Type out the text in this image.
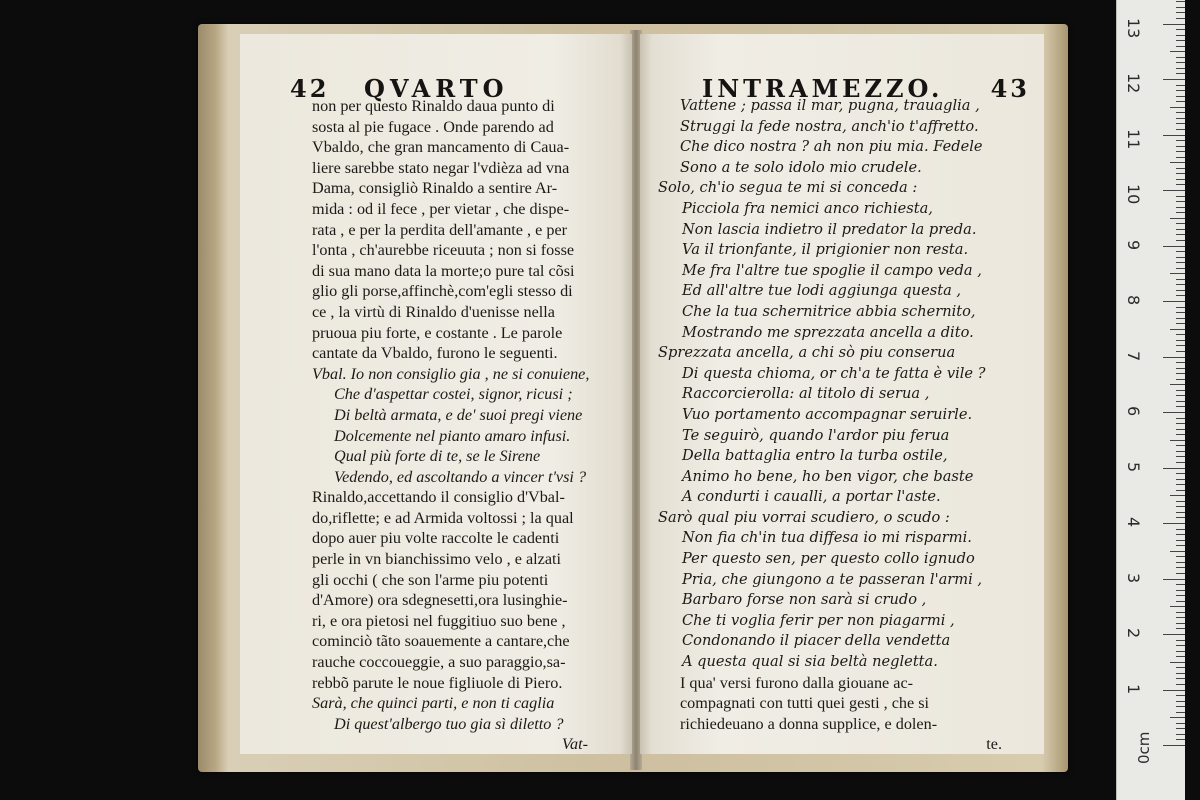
42 QVARTO
non per questo Rinaldo daua punto di
sosta al pie fugace . Onde parendo ad
Vbaldo, che gran mancamento di Caua-
liere sarebbe stato negar l'vdièza ad vna
Dama, consigliò Rinaldo a sentire Ar-
mida : od il fece , per vietar , che dispe-
rata , e per la perdita dell'amante , e per
l'onta , ch'aurebbe riceuuta ; non si fosse
di sua mano data la morte;o pure tal cõsi
glio gli porse,affinchè,com'egli stesso di
ce , la virtù di Rinaldo d'uenisse nella
pruoua piu forte, e costante . Le parole
cantate da Vbaldo, furono le seguenti.
Vbal. Io non consiglio gia , ne si conuiene,
Che d'aspettar costei, signor, ricusi ;
Di beltà armata, e de' suoi pregi viene
Dolcemente nel pianto amaro infusi.
Qual più forte di te, se le Sirene
Vedendo, ed ascoltando a vincer t'vsi ?
Rinaldo,accettando il consiglio d'Vbal-
do,riflette; e ad Armida voltossi ; la qual
dopo auer piu volte raccolte le cadenti
perle in vn bianchissimo velo , e alzati
gli occhi ( che son l'arme piu potenti
d'Amore) ora sdegnesetti,ora lusinghie-
ri, e ora pietosi nel fuggitiuo suo bene ,
cominciò tãto soauemente a cantare,che
rauche coccoueggie, a suo paraggio,sa-
rebbõ parute le noue figliuole di Piero.
Sarà, che quinci parti, e non ti caglia
Di quest'albergo tuo gia sì diletto ?
Vat-
INTRAMEZZO. 43
Vattene ; passa il mar, pugna, trauaglia ,
Struggi la fede nostra, anch'io t'affretto.
Che dico nostra ? ah non piu mia. Fedele
Sono a te solo idolo mio crudele.
Solo, ch'io segua te mi si conceda :
Picciola fra nemici anco richiesta,
Non lascia indietro il predator la preda.
Va il trionfante, il prigionier non resta.
Me fra l'altre tue spoglie il campo veda ,
Ed all'altre tue lodi aggiunga questa ,
Che la tua schernitrice abbia schernito,
Mostrando me sprezzata ancella a dito.
Sprezzata ancella, a chi sò piu conserua
Di questa chioma, or ch'a te fatta è vile ?
Raccorcierolla: al titolo di serua ,
Vuo portamento accompagnar seruirle.
Te seguirò, quando l'ardor piu ferua
Della battaglia entro la turba ostile,
Animo ho bene, ho ben vigor, che baste
A condurti i caualli, a portar l'aste.
Sarò qual piu vorrai scudiero, o scudo :
Non fia ch'in tua diffesa io mi risparmi.
Per questo sen, per questo collo ignudo
Pria, che giungono a te passeran l'armi ,
Barbaro forse non sarà si crudo ,
Che ti voglia ferir per non piagarmi ,
Condonando il piacer della vendetta
A questa qual si sia beltà negletta.
I qua' versi furono dalla giouane ac-
compagnati con tutti quei gesti , che si
richiedeuano a donna supplice, e dolen-
te.	0cm
1
2
3
4
5
6
7
8
9
10
11
12
13
